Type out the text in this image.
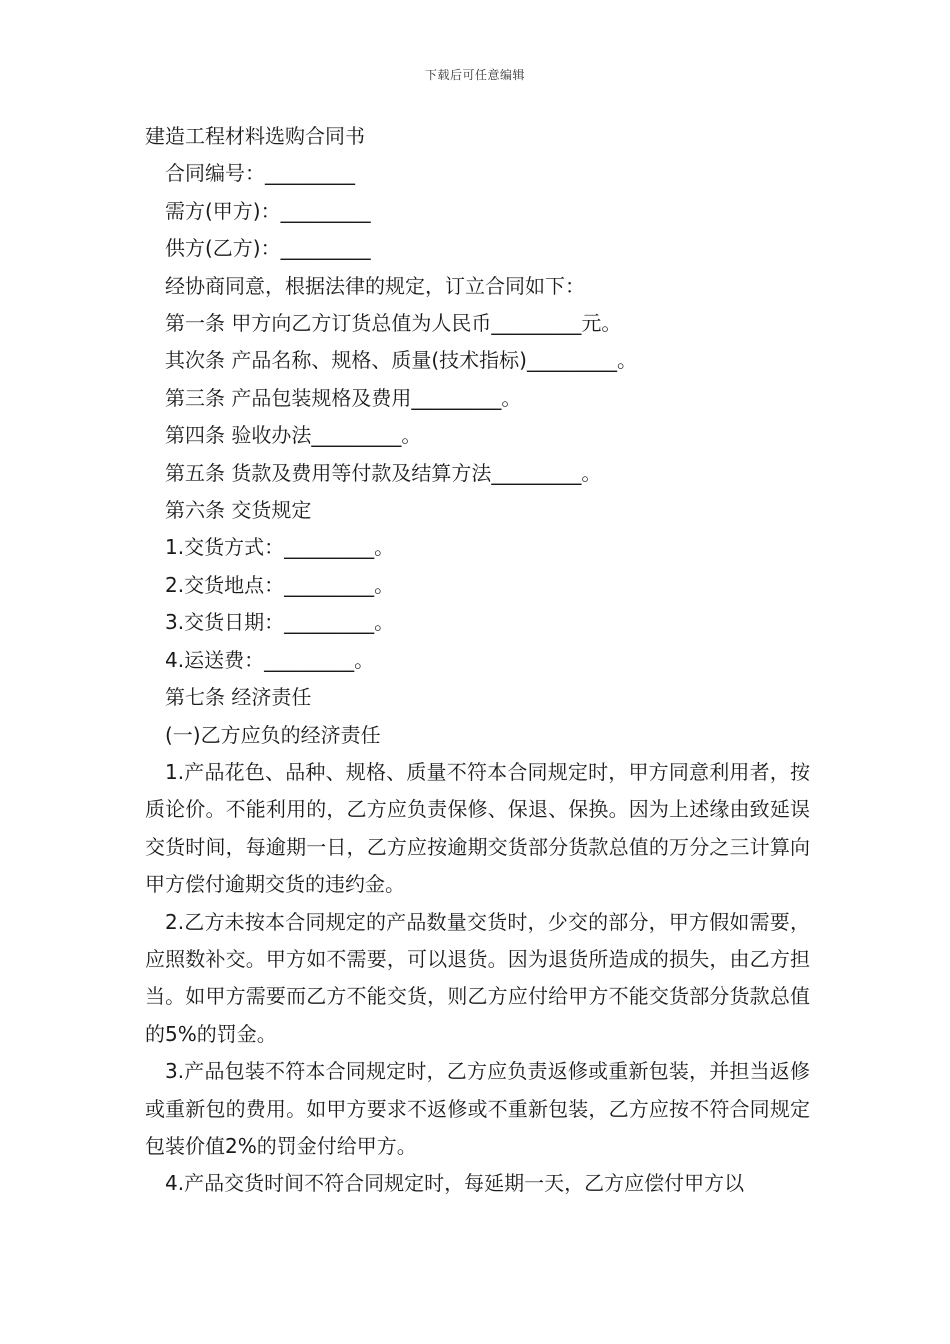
下载后可任意编辑

建造工程材料选购合同书

合同编号：_________

需方(甲方)：_________

供方(乙方)：_________

经协商同意，根据法律的规定，订立合同如下：

第一条 甲方向乙方订货总值为人民币_________元。

其次条 产品名称、规格、质量(技术指标)_________。

第三条 产品包装规格及费用_________。

第四条 验收办法_________。

第五条 货款及费用等付款及结算方法_________。

第六条 交货规定

1.交货方式：_________。

2.交货地点：_________。

3.交货日期：_________。

4.运送费：_________。

第七条 经济责任

(一)乙方应负的经济责任

1.产品花色、品种、规格、质量不符本合同规定时，甲方同意利用者，按质论价。不能利用的，乙方应负责保修、保退、保换。因为上述缘由致延误交货时间，每逾期一日，乙方应按逾期交货部分货款总值的万分之三计算向甲方偿付逾期交货的违约金。

2.乙方未按本合同规定的产品数量交货时，少交的部分，甲方假如需要，应照数补交。甲方如不需要，可以退货。因为退货所造成的损失，由乙方担当。如甲方需要而乙方不能交货，则乙方应付给甲方不能交货部分货款总值的5%的罚金。

3.产品包装不符本合同规定时，乙方应负责返修或重新包装，并担当返修或重新包的费用。如甲方要求不返修或不重新包装，乙方应按不符合同规定包装价值2%的罚金付给甲方。

4.产品交货时间不符合同规定时，每延期一天，乙方应偿付甲方以
